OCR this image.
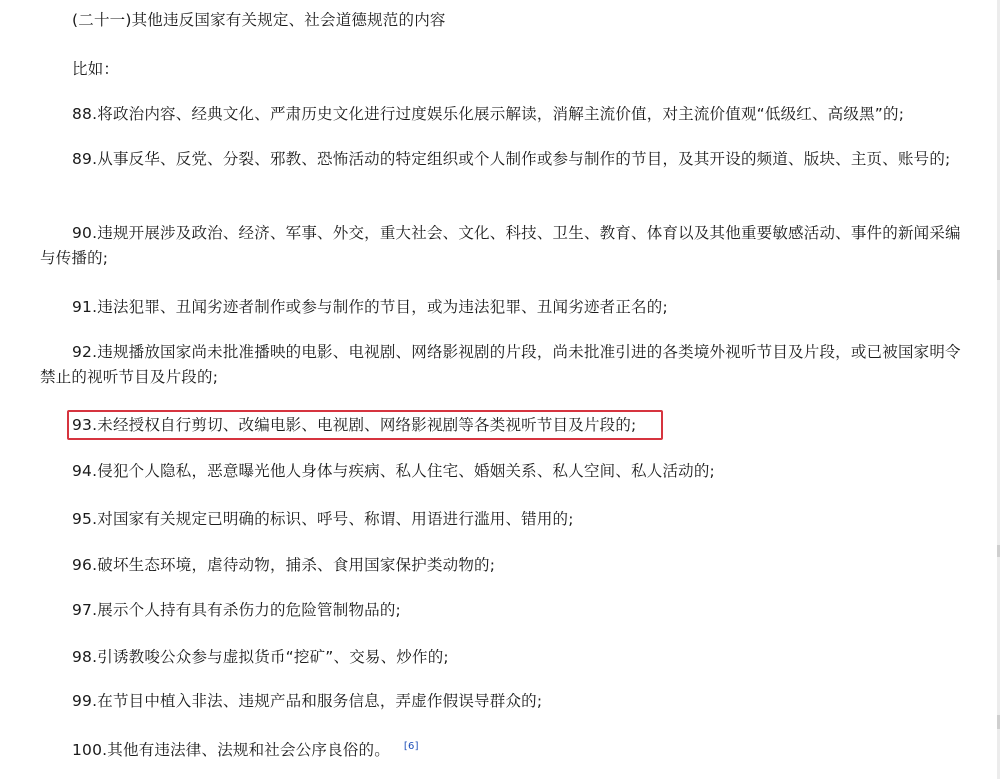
(二十一)其他违反国家有关规定、社会道德规范的内容

比如：

88.将政治内容、经典文化、严肃历史文化进行过度娱乐化展示解读，消解主流价值，对主流价值观“低级红、高级黑”的;

89.从事反华、反党、分裂、邪教、恐怖活动的特定组织或个人制作或参与制作的节目，及其开设的频道、版块、主页、账号的;

90.违规开展涉及政治、经济、军事、外交，重大社会、文化、科技、卫生、教育、体育以及其他重要敏感活动、事件的新闻采编与传播的;

91.违法犯罪、丑闻劣迹者制作或参与制作的节目，或为违法犯罪、丑闻劣迹者正名的;

92.违规播放国家尚未批准播映的电影、电视剧、网络影视剧的片段，尚未批准引进的各类境外视听节目及片段，或已被国家明令禁止的视听节目及片段的;

93.未经授权自行剪切、改编电影、电视剧、网络影视剧等各类视听节目及片段的;

94.侵犯个人隐私，恶意曝光他人身体与疾病、私人住宅、婚姻关系、私人空间、私人活动的;

95.对国家有关规定已明确的标识、呼号、称谓、用语进行滥用、错用的;

96.破坏生态环境，虐待动物，捕杀、食用国家保护类动物的;

97.展示个人持有具有杀伤力的危险管制物品的;

98.引诱教唆公众参与虚拟货币“挖矿”、交易、炒作的;

99.在节目中植入非法、违规产品和服务信息，弄虚作假误导群众的;

100.其他有违法律、法规和社会公序良俗的。 [6]
